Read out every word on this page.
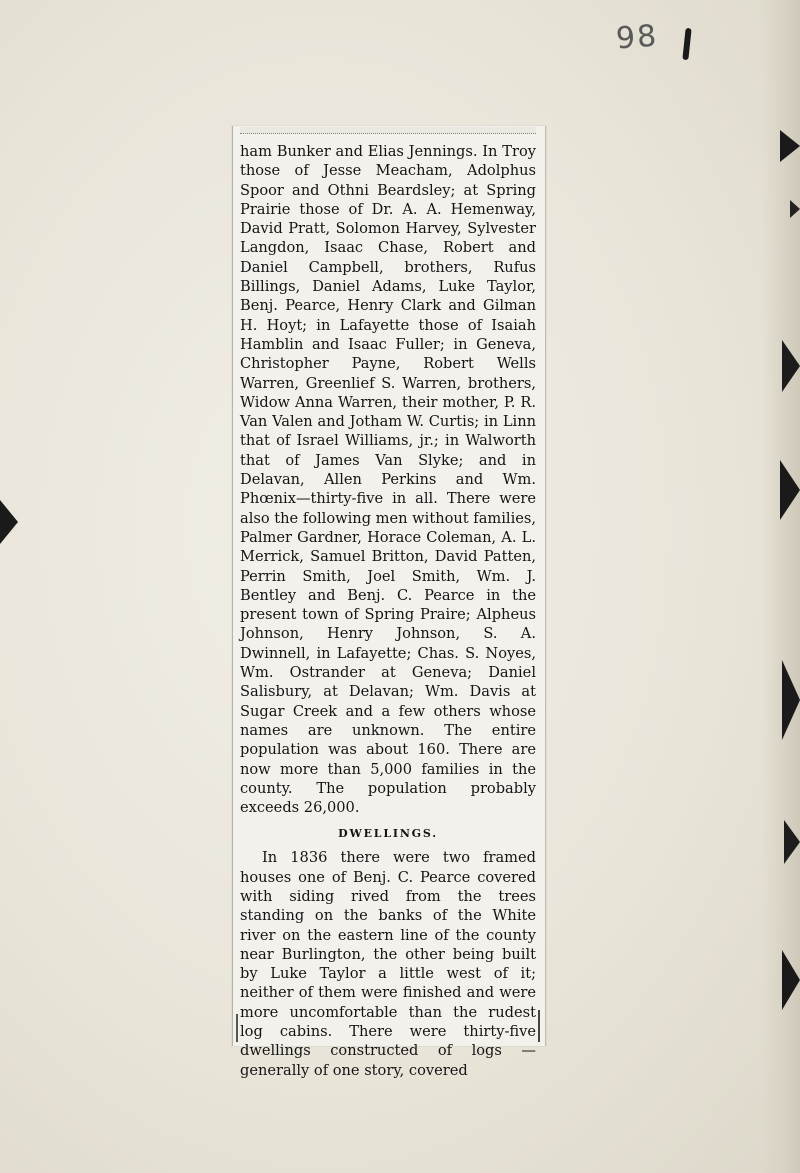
98

ham Bunker and Elias Jennings. In Troy those of Jesse Meacham, Adolphus Spoor and Othni Beardsley; at Spring Prairie those of Dr. A. A. Hemenway, David Pratt, Solomon Harvey, Sylvester Langdon, Isaac Chase, Robert and Daniel Campbell, brothers, Rufus Billings, Daniel Adams, Luke Taylor, Benj. Pearce, Henry Clark and Gilman H. Hoyt; in Lafayette those of Isaiah Hamblin and Isaac Fuller; in Geneva, Christopher Payne, Robert Wells Warren, Greenlief S. Warren, brothers, Widow Anna Warren, their mother, P. R. Van Valen and Jotham W. Curtis; in Linn that of Israel Williams, jr.; in Walworth that of James Van Slyke; and in Delavan, Allen Perkins and Wm. Phœnix—thirty-five in all. There were also the following men without families, Palmer Gardner, Horace Coleman, A. L. Merrick, Samuel Britton, David Patten, Perrin Smith, Joel Smith, Wm. J. Bentley and Benj. C. Pearce in the present town of Spring Praire; Alpheus Johnson, Henry Johnson, S. A. Dwinnell, in Lafayette; Chas. S. Noyes, Wm. Ostrander at Geneva; Daniel Salisbury, at Delavan; Wm. Davis at Sugar Creek and a few others whose names are unknown. The entire population was about 160. There are now more than 5,000 families in the county. The population probably exceeds 26,000.

DWELLINGS.

In 1836 there were two framed houses one of Benj. C. Pearce covered with siding rived from the trees standing on the banks of the White river on the eastern line of the county near Burlington, the other being built by Luke Taylor a little west of it; neither of them were finished and were more uncomfortable than the rudest log cabins. There were thirty-five dwellings constructed of logs —generally of one story, covered
